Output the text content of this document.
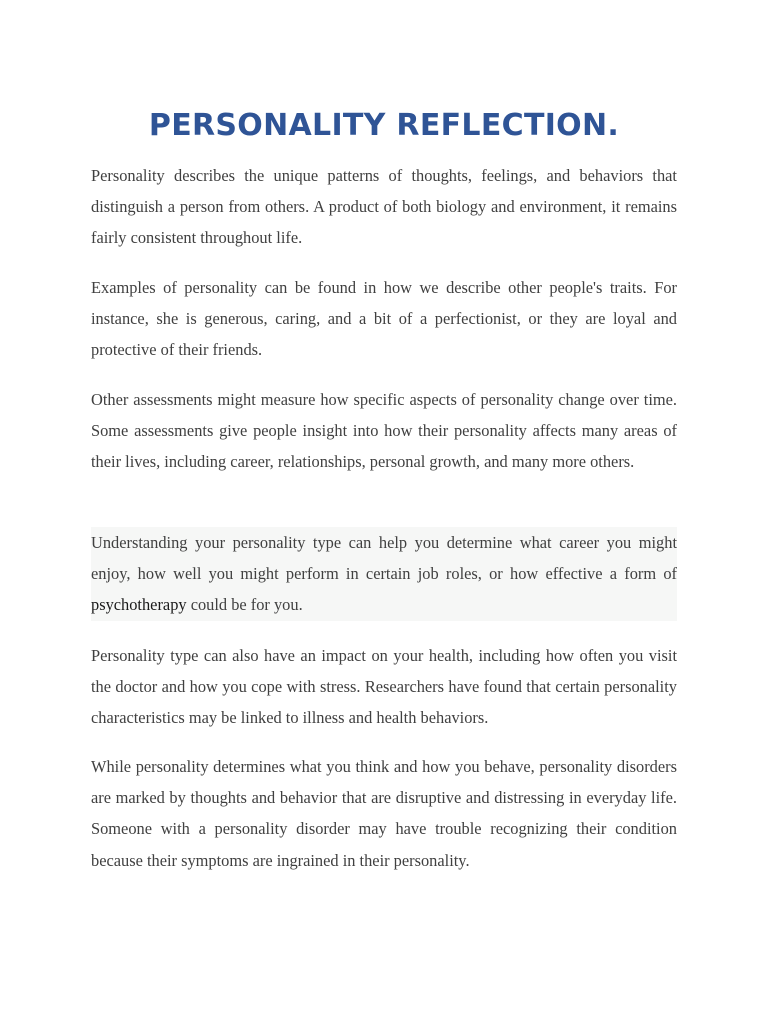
PERSONALITY REFLECTION.

Personality describes the unique patterns of thoughts, feelings, and behaviors that distinguish a person from others. A product of both biology and environment, it remains fairly consistent throughout life.

Examples of personality can be found in how we describe other people's traits. For instance, she is generous, caring, and a bit of a perfectionist, or they are loyal and protective of their friends.

Other assessments might measure how specific aspects of personality change over time. Some assessments give people insight into how their personality affects many areas of their lives, including career, relationships, personal growth, and many more others.

Understanding your personality type can help you determine what career you might enjoy, how well you might perform in certain job roles, or how effective a form of psychotherapy could be for you.

Personality type can also have an impact on your health, including how often you visit the doctor and how you cope with stress. Researchers have found that certain personality characteristics may be linked to illness and health behaviors.

While personality determines what you think and how you behave, personality disorders are marked by thoughts and behavior that are disruptive and distressing in everyday life. Someone with a personality disorder may have trouble recognizing their condition because their symptoms are ingrained in their personality.
